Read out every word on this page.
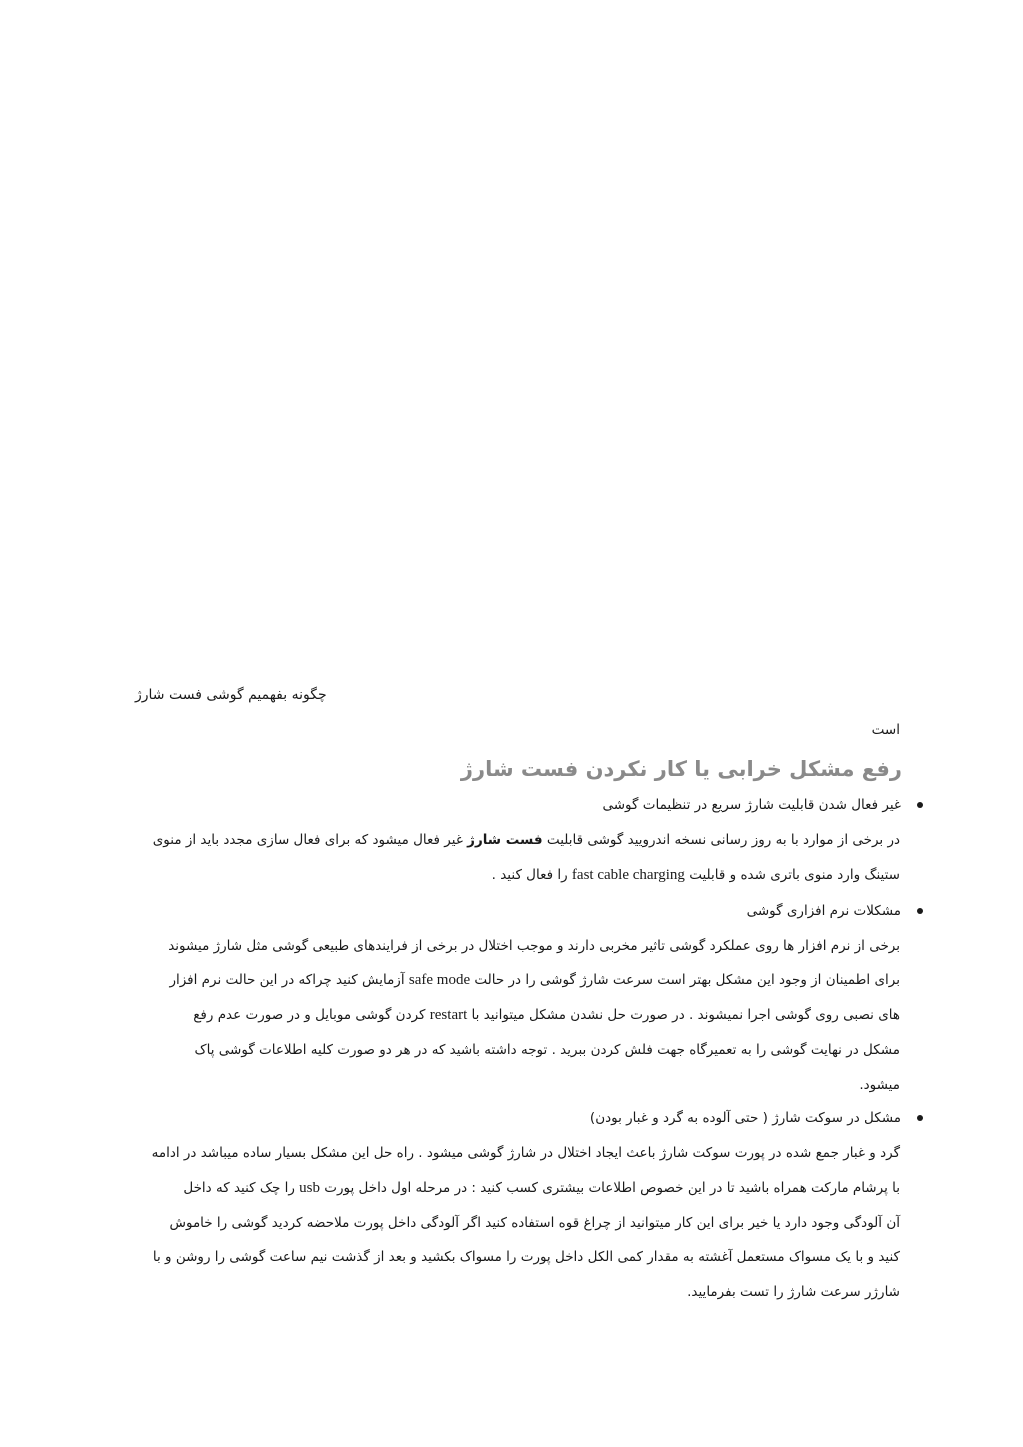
چگونه بفهمیم گوشی فست شارژ
است
رفع مشکل خرابی یا کار نکردن فست شارژ
غیر فعال شدن قابلیت شارژ سریع در تنظیمات گوشی
در برخی از موارد با به روز رسانی نسخه اندرویید گوشی قابلیت فست شارژ غیر فعال میشود که برای فعال سازی مجدد باید از منوی
ستینگ وارد منوی باتری شده و قابلیت fast cable charging را فعال کنید .
مشکلات نرم افزاری گوشی
برخی از نرم افزار ها روی عملکرد گوشی تاثیر مخربی دارند و موجب اختلال در برخی از فرایندهای طبیعی گوشی مثل شارژ میشوند
برای اطمینان از وجود این مشکل بهتر است سرعت شارژ گوشی را در حالت safe mode آزمایش کنید چراکه در این حالت نرم افزار
های نصبی روی گوشی اجرا نمیشوند . در صورت حل نشدن مشکل میتوانید با restart کردن گوشی موبایل و در صورت عدم رفع
مشکل در نهایت گوشی را به تعمیرگاه جهت فلش کردن ببرید . توجه داشته باشید که در هر دو صورت کلیه اطلاعات گوشی پاک
میشود.
مشکل در سوکت شارژ ( حتی آلوده به گرد و غبار بودن)
گرد و غبار جمع شده در پورت سوکت شارژ باعث ایجاد اختلال در شارژ گوشی میشود . راه حل این مشکل بسیار ساده میباشد در ادامه
با پرشام مارکت همراه باشید تا در این خصوص اطلاعات بیشتری کسب کنید : در مرحله اول داخل پورت usb را چک کنید که داخل
آن آلودگی وجود دارد یا خیر برای این کار میتوانید از چراغ قوه استفاده کنید اگر آلودگی داخل پورت ملاحضه کردید گوشی را خاموش
کنید و با یک مسواک مستعمل آغشته به مقدار کمی الکل داخل پورت را مسواک بکشید و بعد از گذشت نیم ساعت گوشی را روشن و با
شارژر سرعت شارژ را تست بفرمایید.
